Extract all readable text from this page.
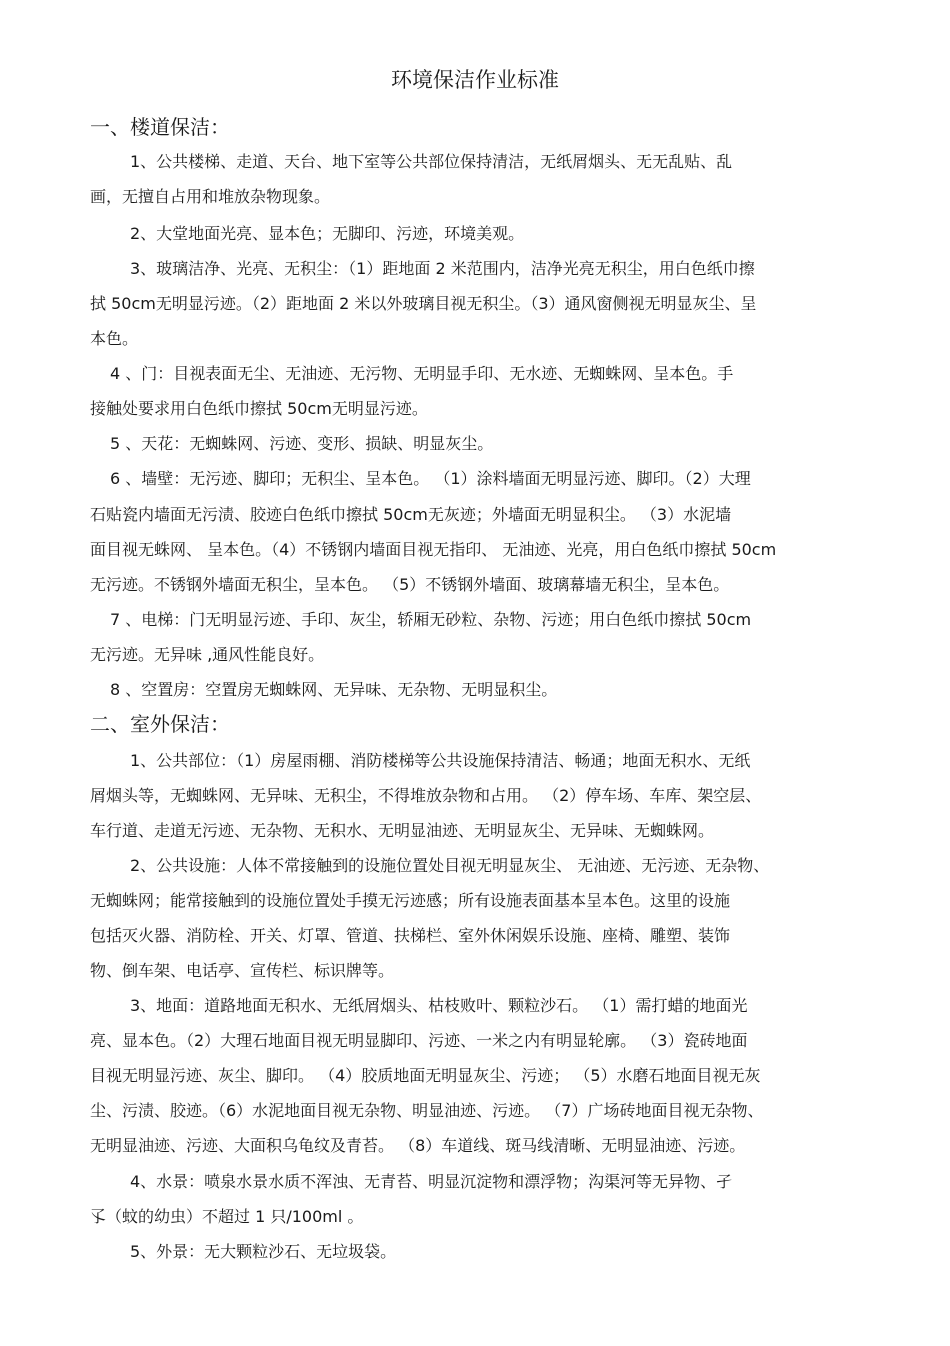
环境保洁作业标准
一、楼道保洁：
1、公共楼梯、走道、天台、地下室等公共部位保持清洁，无纸屑烟头、无无乱贴、乱
画，无擅自占用和堆放杂物现象。
2、大堂地面光亮、显本色；无脚印、污迹，环境美观。
3、玻璃洁净、光亮、无积尘：（1）距地面 2 米范围内，洁净光亮无积尘，用白色纸巾擦
拭 50cm无明显污迹。（2）距地面 2 米以外玻璃目视无积尘。（3）通风窗侧视无明显灰尘、呈
本色。
4 、门：目视表面无尘、无油迹、无污物、无明显手印、无水迹、无蜘蛛网、呈本色。手
接触处要求用白色纸巾擦拭 50cm无明显污迹。
5 、天花：无蜘蛛网、污迹、变形、损缺、明显灰尘。
6 、墙壁：无污迹、脚印；无积尘、呈本色。 （1）涂料墙面无明显污迹、脚印。（2）大理
石贴瓷内墙面无污渍、胶迹白色纸巾擦拭 50cm无灰迹；外墙面无明显积尘。 （3）水泥墙
面目视无蛛网、 呈本色。（4）不锈钢内墙面目视无指印、 无油迹、光亮，用白色纸巾擦拭 50cm
无污迹。不锈钢外墙面无积尘，呈本色。 （5）不锈钢外墙面、玻璃幕墙无积尘，呈本色。
7 、电梯：门无明显污迹、手印、灰尘，轿厢无砂粒、杂物、污迹；用白色纸巾擦拭 50cm
无污迹。无异味 ,通风性能良好。
8 、空置房：空置房无蜘蛛网、无异味、无杂物、无明显积尘。
二、室外保洁：
1、公共部位：（1）房屋雨棚、消防楼梯等公共设施保持清洁、畅通；地面无积水、无纸
屑烟头等，无蜘蛛网、无异味、无积尘，不得堆放杂物和占用。 （2）停车场、车库、架空层、
车行道、走道无污迹、无杂物、无积水、无明显油迹、无明显灰尘、无异味、无蜘蛛网。
2、公共设施：人体不常接触到的设施位置处目视无明显灰尘、 无油迹、无污迹、无杂物、
无蜘蛛网；能常接触到的设施位置处手摸无污迹感；所有设施表面基本呈本色。这里的设施
包括灭火器、消防栓、开关、灯罩、管道、扶梯栏、室外休闲娱乐设施、座椅、雕塑、装饰
物、倒车架、电话亭、宣传栏、标识牌等。
3、地面：道路地面无积水、无纸屑烟头、枯枝败叶、颗粒沙石。 （1）需打蜡的地面光
亮、显本色。（2）大理石地面目视无明显脚印、污迹、一米之内有明显轮廓。 （3）瓷砖地面
目视无明显污迹、灰尘、脚印。 （4）胶质地面无明显灰尘、污迹； （5）水磨石地面目视无灰
尘、污渍、胶迹。（6）水泥地面目视无杂物、明显油迹、污迹。 （7）广场砖地面目视无杂物、
无明显油迹、污迹、大面积乌龟纹及青苔。 （8）车道线、斑马线清晰、无明显油迹、污迹。
4、水景：喷泉水景水质不浑浊、无青苔、明显沉淀物和漂浮物；沟渠河等无异物、孑
孓（蚊的幼虫）不超过 1 只/100ml 。
5、外景：无大颗粒沙石、无垃圾袋。
